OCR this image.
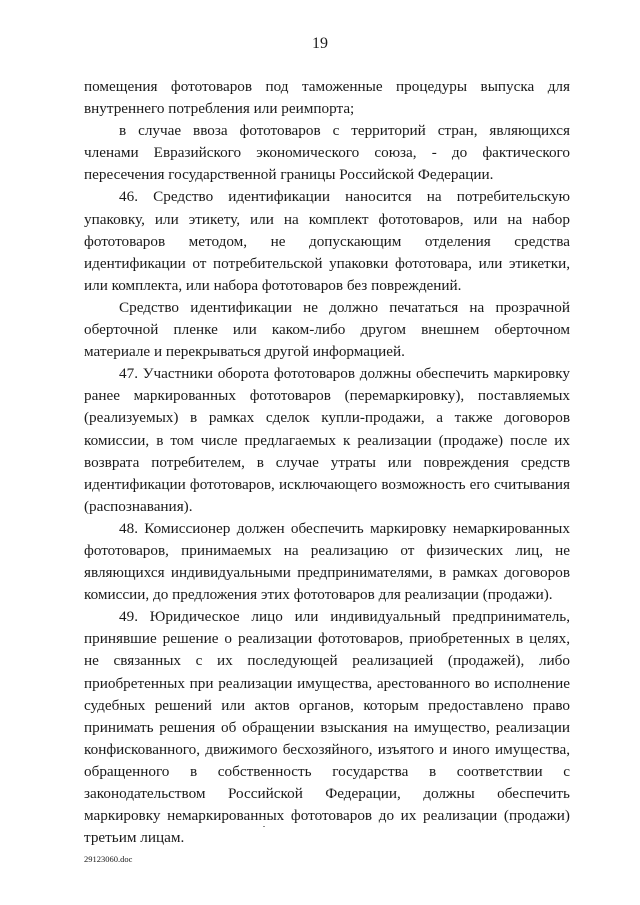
19

помещения фототоваров под таможенные процедуры выпуска для внутреннего потребления или реимпорта;

в случае ввоза фототоваров с территорий стран, являющихся членами Евразийского экономического союза, - до фактического пересечения государственной границы Российской Федерации.

46. Средство идентификации наносится на потребительскую упаковку, или этикету, или на комплект фототоваров, или на набор фототоваров методом, не допускающим отделения средства идентификации от потребительской упаковки фототовара, или этикетки, или комплекта, или набора фототоваров без повреждений.

Средство идентификации не должно печататься на прозрачной оберточной пленке или каком-либо другом внешнем оберточном материале и перекрываться другой информацией.

47. Участники оборота фототоваров должны обеспечить маркировку ранее маркированных фототоваров (перемаркировку), поставляемых (реализуемых) в рамках сделок купли-продажи, а также договоров комиссии, в том числе предлагаемых к реализации (продаже) после их возврата потребителем, в случае утраты или повреждения средств идентификации фототоваров, исключающего возможность его считывания (распознавания).

48. Комиссионер должен обеспечить маркировку немаркированных фототоваров, принимаемых на реализацию от физических лиц, не являющихся индивидуальными предпринимателями, в рамках договоров комиссии, до предложения этих фототоваров для реализации (продажи).

49. Юридическое лицо или индивидуальный предприниматель, принявшие решение о реализации фототоваров, приобретенных в целях, не связанных с их последующей реализацией (продажей), либо приобретенных при реализации имущества, арестованного во исполнение судебных решений или актов органов, которым предоставлено право принимать решения об обращении взыскания на имущество, реализации конфискованного, движимого бесхозяйного, изъятого и иного имущества, обращенного в собственность государства в соответствии с законодательством Российской Федерации, должны обеспечить маркировку немаркированных фототоваров до их реализации (продажи) третьим лицам.

29123060.doc
